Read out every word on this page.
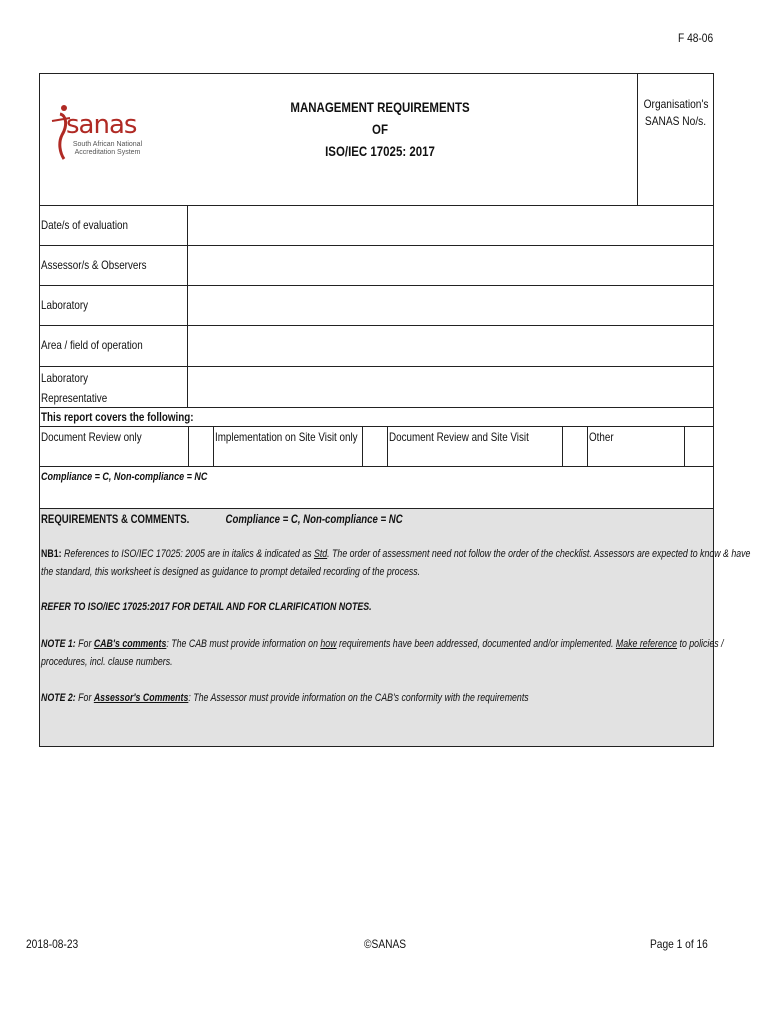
F 48-06
sanas
South African National Accreditation System
MANAGEMENT REQUIREMENTS
OF
ISO/IEC 17025: 2017
Organisation's
SANAS No/s.
Date/s of evaluation
Assessor/s & Observers
Laboratory
Area / field of operation
Laboratory
Representative
This report covers the following:
Document Review only	Implementation on Site Visit only	Document Review and Site Visit	Other
Compliance = C, Non-compliance = NC
REQUIREMENTS & COMMENTS.	Compliance = C, Non-compliance = NC
NB1: References to ISO/IEC 17025: 2005 are in italics & indicated as Std. The order of assessment need not follow the order of the checklist. Assessors are expected to know & have
the standard, this worksheet is designed as guidance to prompt detailed recording of the process.
REFER TO ISO/IEC 17025:2017 FOR DETAIL AND FOR CLARIFICATION NOTES.
NOTE 1: For CAB's comments: The CAB must provide information on how requirements have been addressed, documented and/or implemented. Make reference to policies /
procedures, incl. clause numbers.
NOTE 2: For Assessor's Comments: The Assessor must provide information on the CAB's conformity with the requirements
2018-08-23	©SANAS	Page 1 of 16
